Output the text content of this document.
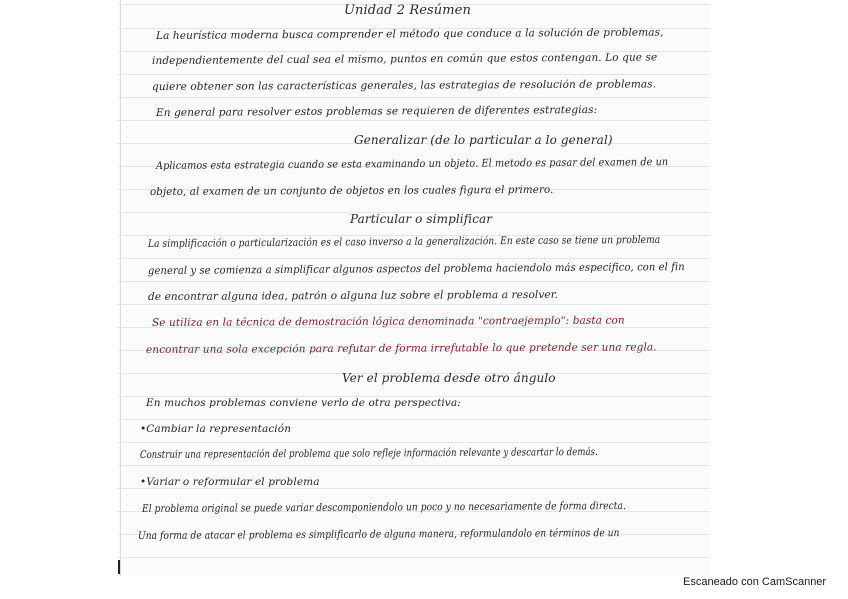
Unidad 2 Resúmen
La heurística moderna busca comprender el método que conduce a la solución de problemas,
independientemente del cual sea el mismo, puntos en común que estos contengan. Lo que se
quiere obtener son las características generales, las estrategias de resolución de problemas.
En general para resolver estos problemas se requieren de diferentes estrategias:
Generalizar (de lo particular a lo general)
Aplicamos esta estrategia cuando se esta examinando un objeto. El metodo es pasar del examen de un
objeto, al examen de un conjunto de objetos en los cuales figura el primero.
Particular o simplificar
La simplificación o particularización es el caso inverso a la generalización. En este caso se tiene un problema
general y se comienza a simplificar algunos aspectos del problema haciendolo más especifico, con el fin
de encontrar alguna idea, patrón o alguna luz sobre el problema a resolver.
Se utiliza en la técnica de demostración lógica denominada "contraejemplo": basta con
encontrar una sola excepción para refutar de forma irrefutable lo que pretende ser una regla.
Ver el problema desde otro ángulo
En muchos problemas conviene verlo de otra perspectiva:
•Cambiar la representación
Construir una representación del problema que solo refleje información relevante y descartar lo demás.
•Variar o reformular el problema
El problema original se puede variar descomponiendolo un poco y no necesariamente de forma directa.
Una forma de atacar el problema es simplificarlo de alguna manera, reformulandolo en términos de un
Escaneado con CamScanner
